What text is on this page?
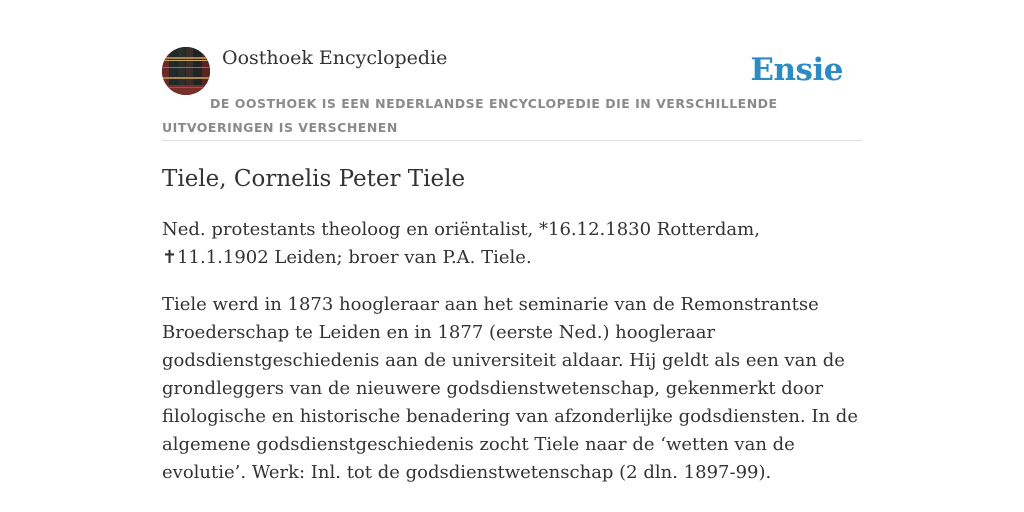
Oosthoek Encyclopedie	Ensie
DE OOSTHOEK IS EEN NEDERLANDSE ENCYCLOPEDIE DIE IN VERSCHILLENDE UITVOERINGEN IS VERSCHENEN
Tiele, Cornelis Peter Tiele

Ned. protestants theoloog en oriëntalist, *16.12.1830 Rotterdam, ✝11.1.1902 Leiden; broer van P.A. Tiele.

Tiele werd in 1873 hoogleraar aan het seminarie van de Remonstrantse Broederschap te Leiden en in 1877 (eerste Ned.) hoogleraar godsdienstgeschiedenis aan de universiteit aldaar. Hij geldt als een van de grondleggers van de nieuwere godsdienstwetenschap, gekenmerkt door filologische en historische benadering van afzonderlijke godsdiensten. In de algemene godsdienstgeschiedenis zocht Tiele naar de ‘wetten van de evolutie’. Werk: Inl. tot de godsdienstwetenschap (2 dln. 1897-99).
